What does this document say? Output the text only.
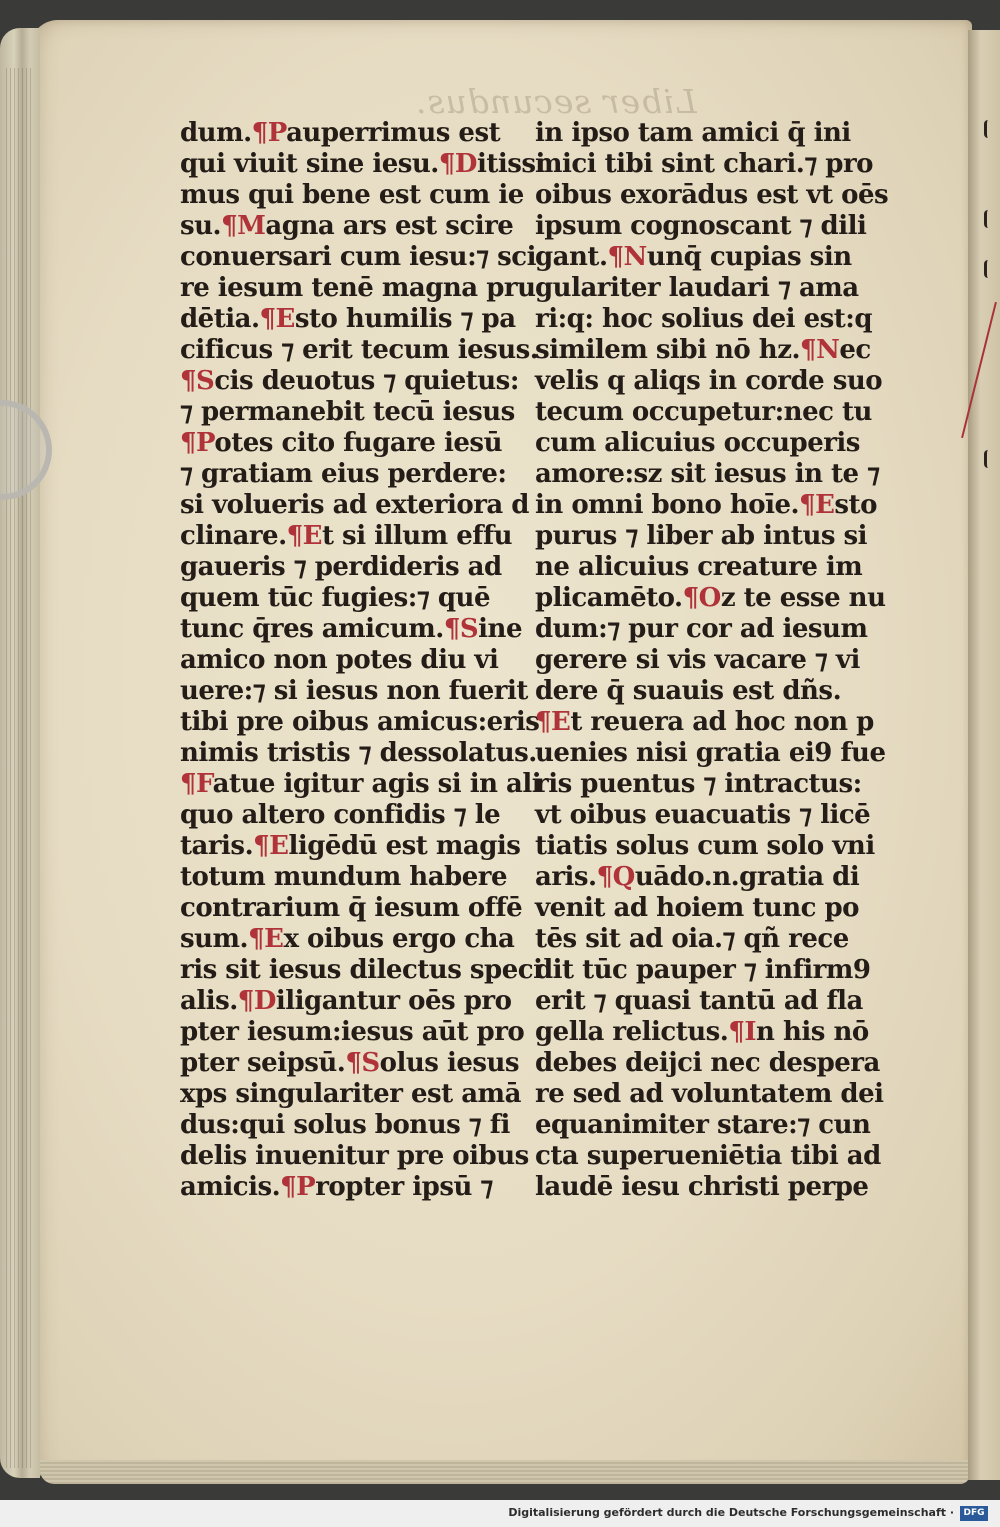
Liber secundus.
dum.¶Pauperrimus est
qui viuit sine iesu.¶Ditissi
mus qui bene est cum ie
su.¶Magna ars est scire
conuersari cum iesu:⁊ sci
re iesum tenē magna pru
dētia.¶Esto humilis ⁊ pa
cificus ⁊ erit tecum iesus.
¶Scis deuotus ⁊ quietus:
⁊ permanebit tecū iesus
¶Potes cito fugare iesū
⁊ gratiam eius perdere:
si volueris ad exteriora d
clinare.¶Et si illum effu
gaueris ⁊ perdideris ad
quem tūc fugies:⁊ quē
tunc q̄res amicum.¶Sine
amico non potes diu vi
uere:⁊ si iesus non fuerit
tibi pre oibus amicus:eris
nimis tristis ⁊ dessolatus.
¶Fatue igitur agis si in ali
quo altero confidis ⁊ le
taris.¶Eligēdū est magis
totum mundum habere
contrarium q̄ iesum offē
sum.¶Ex oibus ergo cha
ris sit iesus dilectus speci
alis.¶Diligantur oēs pro
pter iesum:iesus aūt pro
pter seipsū.¶Solus iesus
xps singulariter est amā
dus:qui solus bonus ⁊ fi
delis inuenitur pre oibus
amicis.¶Propter ipsū ⁊
in ipso tam amici q̄ ini
mici tibi sint chari.⁊ pro
oibus exorādus est vt oēs
ipsum cognoscant ⁊ dili
gant.¶Nunq̄ cupias sin
gulariter laudari ⁊ ama
ri:q: hoc solius dei est:q
similem sibi nō hz.¶Nec
velis q aliqs in corde suo
tecum occupetur:nec tu
cum alicuius occuperis
amore:sz sit iesus in te ⁊
in omni bono hoīe.¶Esto
purus ⁊ liber ab intus si
ne alicuius creature im
plicamēto.¶Oz te esse nu
dum:⁊ pur cor ad iesum
gerere si vis vacare ⁊ vi
dere q̄ suauis est dñs.
¶Et reuera ad hoc non p
uenies nisi gratia ei9 fue
ris puentus ⁊ intractus:
vt oibus euacuatis ⁊ licē
tiatis solus cum solo vni
aris.¶Quādo.n.gratia di
venit ad hoiem tunc po
tēs sit ad oia.⁊ qñ rece
dit tūc pauper ⁊ infirm9
erit ⁊ quasi tantū ad fla
gella relictus.¶In his nō
debes deijci nec despera
re sed ad voluntatem dei
equanimiter stare:⁊ cun
cta superueniētia tibi ad
laudē iesu christi perpe
Digitalisierung gefördert durch die Deutsche Forschungsgemeinschaft ·	DFG
